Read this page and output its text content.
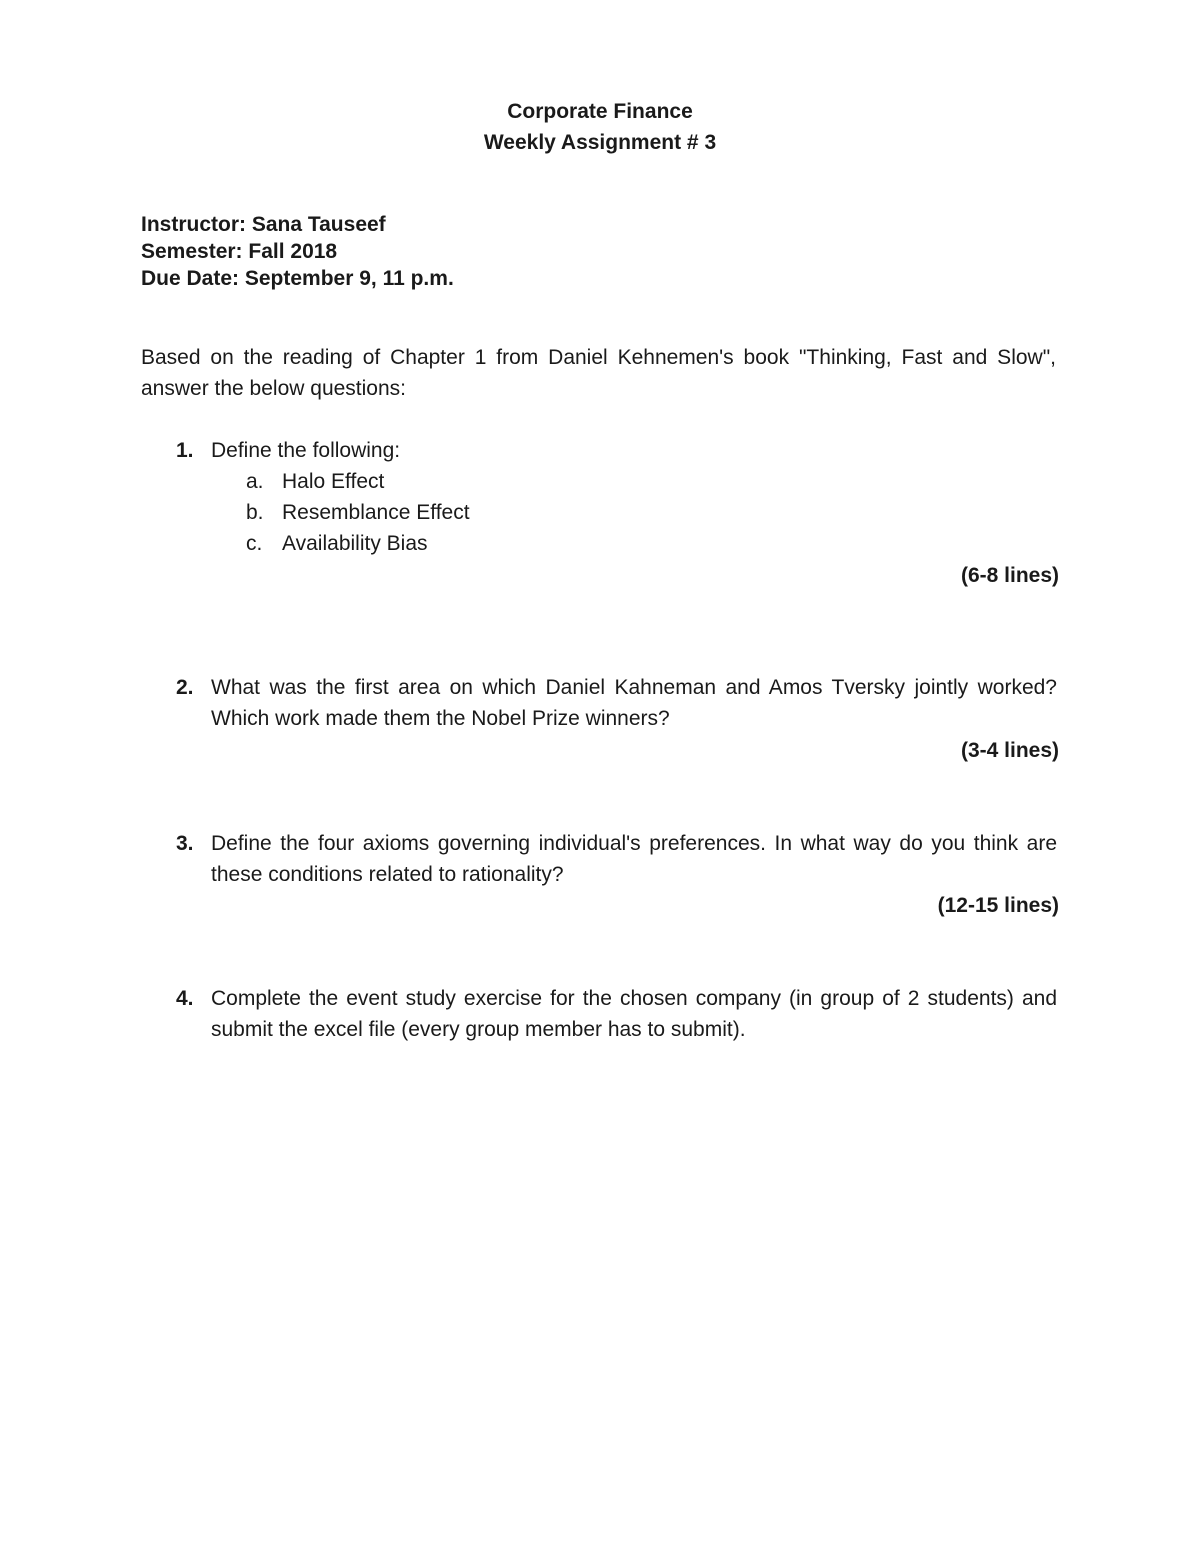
Corporate Finance
Weekly Assignment # 3
Instructor: Sana Tauseef
Semester: Fall 2018
Due Date: September 9, 11 p.m.
Based on the reading of Chapter 1 from Daniel Kehnemen's book "Thinking, Fast and Slow", answer the below questions:
1. Define the following:
a. Halo Effect
b. Resemblance Effect
c. Availability Bias
(6-8 lines)
2. What was the first area on which Daniel Kahneman and Amos Tversky jointly worked? Which work made them the Nobel Prize winners?
(3-4 lines)
3. Define the four axioms governing individual's preferences. In what way do you think are these conditions related to rationality?
(12-15 lines)
4. Complete the event study exercise for the chosen company (in group of 2 students) and submit the excel file (every group member has to submit).
